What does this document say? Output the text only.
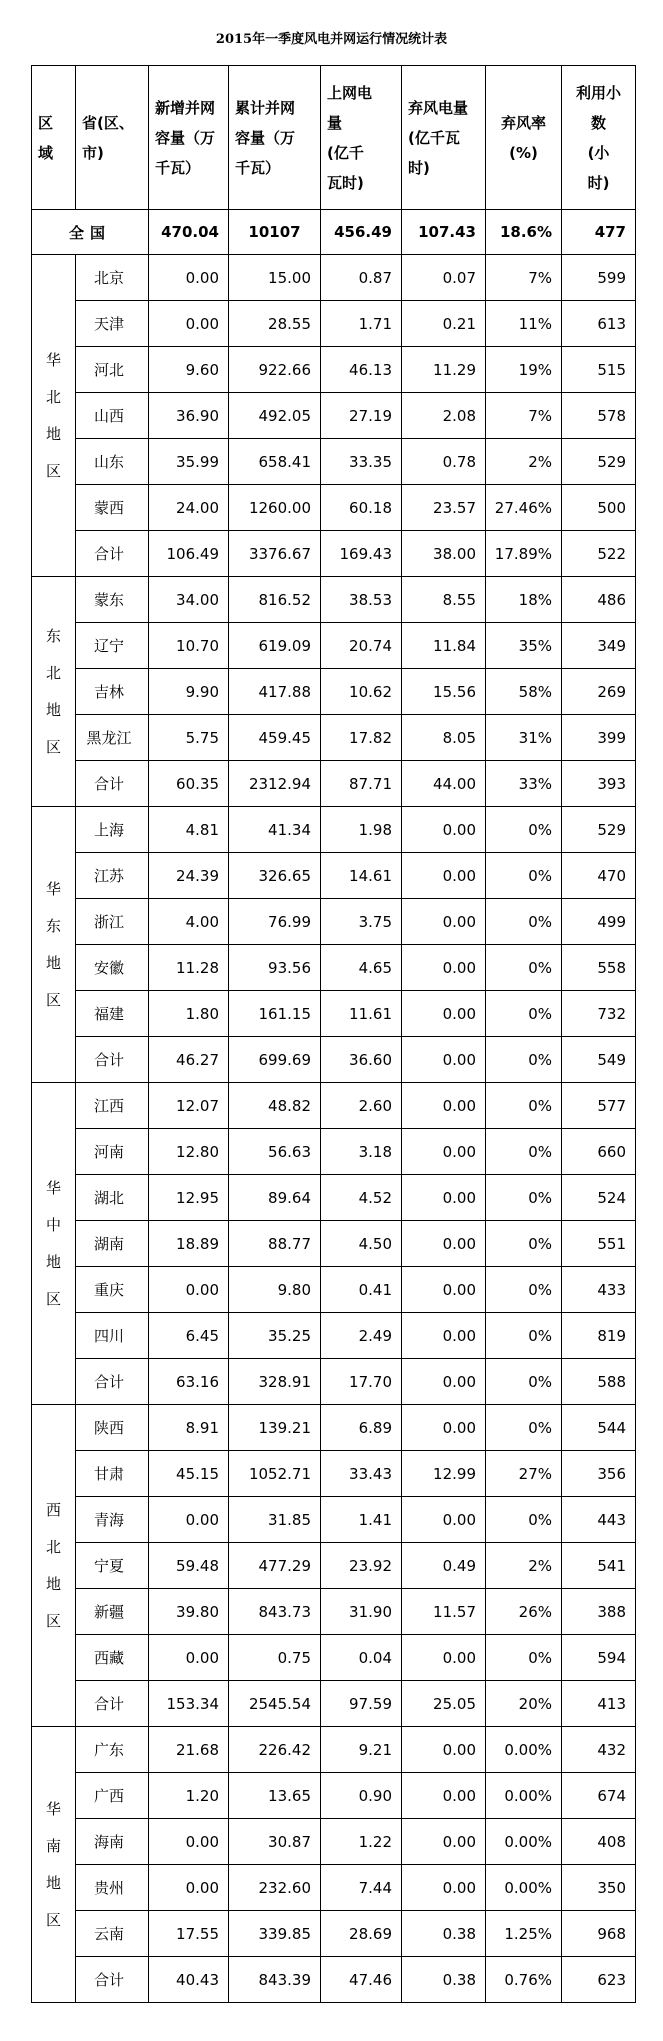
2015年一季度风电并网运行情况统计表
区
域	省(区、
市)	新增并网
容量（万
千瓦）	累计并网
容量（万
千瓦）	上网电
量
(亿千
瓦时)	弃风电量
(亿千瓦
时)	弃风率
(%)	利用小
数
(小
时)

全国		470.04	10107	456.49	107.43	18.6%	477

华
北
地
区	北京	0.00	15.00	0.87	0.07	7%	599
	天津	0.00	28.55	1.71	0.21	11%	613
	河北	9.60	922.66	46.13	11.29	19%	515
	山西	36.90	492.05	27.19	2.08	7%	578
	山东	35.99	658.41	33.35	0.78	2%	529
	蒙西	24.00	1260.00	60.18	23.57	27.46%	500
	合计	106.49	3376.67	169.43	38.00	17.89%	522

东
北
地
区	蒙东	34.00	816.52	38.53	8.55	18%	486
	辽宁	10.70	619.09	20.74	11.84	35%	349
	吉林	9.90	417.88	10.62	15.56	58%	269
	黑龙江	5.75	459.45	17.82	8.05	31%	399
	合计	60.35	2312.94	87.71	44.00	33%	393

华
东
地
区	上海	4.81	41.34	1.98	0.00	0%	529
	江苏	24.39	326.65	14.61	0.00	0%	470
	浙江	4.00	76.99	3.75	0.00	0%	499
	安徽	11.28	93.56	4.65	0.00	0%	558
	福建	1.80	161.15	11.61	0.00	0%	732
	合计	46.27	699.69	36.60	0.00	0%	549

华
中
地
区	江西	12.07	48.82	2.60	0.00	0%	577
	河南	12.80	56.63	3.18	0.00	0%	660
	湖北	12.95	89.64	4.52	0.00	0%	524
	湖南	18.89	88.77	4.50	0.00	0%	551
	重庆	0.00	9.80	0.41	0.00	0%	433
	四川	6.45	35.25	2.49	0.00	0%	819
	合计	63.16	328.91	17.70	0.00	0%	588

西
北
地
区	陕西	8.91	139.21	6.89	0.00	0%	544
	甘肃	45.15	1052.71	33.43	12.99	27%	356
	青海	0.00	31.85	1.41	0.00	0%	443
	宁夏	59.48	477.29	23.92	0.49	2%	541
	新疆	39.80	843.73	31.90	11.57	26%	388
	西藏	0.00	0.75	0.04	0.00	0%	594
	合计	153.34	2545.54	97.59	25.05	20%	413

华
南
地
区	广东	21.68	226.42	9.21	0.00	0.00%	432
	广西	1.20	13.65	0.90	0.00	0.00%	674
	海南	0.00	30.87	1.22	0.00	0.00%	408
	贵州	0.00	232.60	7.44	0.00	0.00%	350
	云南	17.55	339.85	28.69	0.38	1.25%	968
	合计	40.43	843.39	47.46	0.38	0.76%	623
